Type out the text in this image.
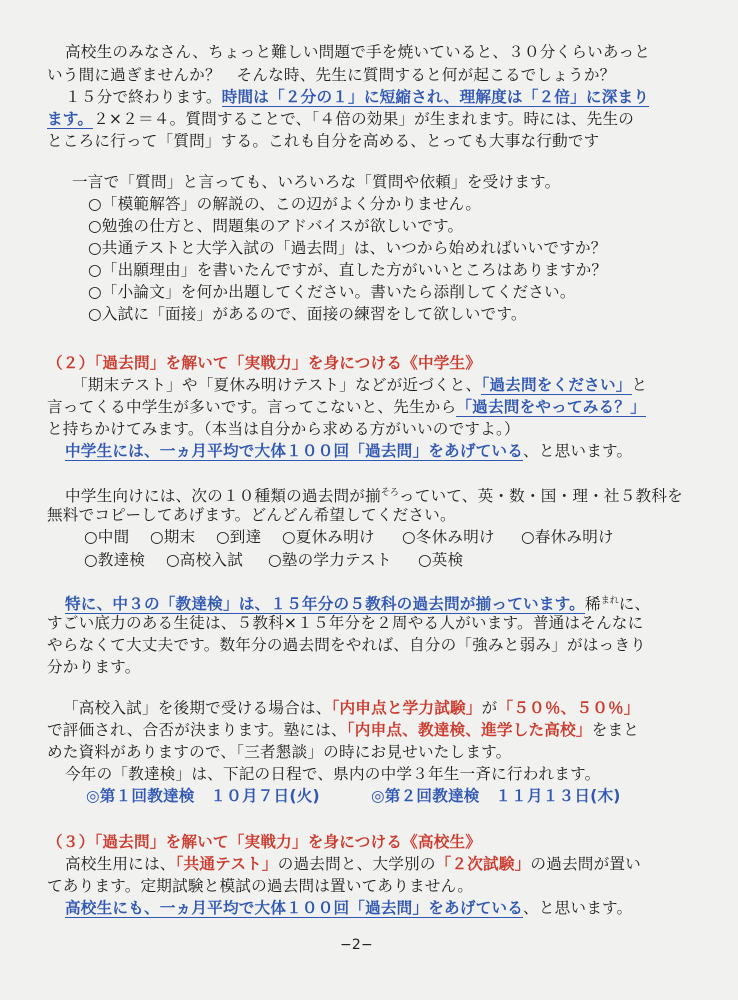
高校生のみなさん、ちょっと難しい問題で手を焼いていると、３０分くらいあっと
いう間に過ぎませんか？　そんな時、先生に質問すると何が起こるでしょうか？
１５分で終わります。時間は「２分の１」に短縮され、理解度は「２倍」に深まり
ます。２×２＝４。質問することで、「４倍の効果」が生まれます。時には、先生の
ところに行って「質問」する。これも自分を高める、とっても大事な行動です
一言で「質問」と言っても、いろいろな「質問や依頼」を受けます。
○「模範解答」の解説の、この辺がよく分かりません。
○勉強の仕方と、問題集のアドバイスが欲しいです。
○共通テストと大学入試の「過去問」は、いつから始めればいいですか？
○「出願理由」を書いたんですが、直した方がいいところはありますか？
○「小論文」を何か出題してください。書いたら添削してください。
○入試に「面接」があるので、面接の練習をして欲しいです。
（２）「過去問」を解いて「実戦力」を身につける《中学生》
「期末テスト」や「夏休み明けテスト」などが近づくと、「過去問をください」と
言ってくる中学生が多いです。言ってこないと、先生から「過去問をやってみる？」
と持ちかけてみます。（本当は自分から求める方がいいのですよ。）
中学生には、一ヵ月平均で大体１００回「過去問」をあげている、と思います。
中学生向けには、次の１０種類の過去問が揃$^{そろ}$っていて、英・数・国・理・社５教科を
無料でコピーしてあげます。どんどん希望してください。
○中間 ○期末 ○到達 ○夏休み明け ○冬休み明け ○春休み明け
○教達検 ○高校入試 ○塾の学力テスト ○英検
特に、中３の「教達検」は、１５年分の５教科の過去問が揃っています。稀$^{まれ}$に、
すごい底力のある生徒は、５教科×１５年分を２周やる人がいます。普通はそんなに
やらなくて大丈夫です。数年分の過去問をやれば、自分の「強みと弱み」がはっきり
分かります。
「高校入試」を後期で受ける場合は、「内申点と学力試験」が「５０％、５０％」
で評価され、合否が決まります。塾には、「内申点、教達検、進学した高校」をまと
めた資料がありますので、「三者懇談」の時にお見せいたします。
今年の「教達検」は、下記の日程で、県内の中学３年生一斉に行われます。
◎第１回教達検　１０月７日(火)	◎第２回教達検　１１月１３日(木)
（３）「過去問」を解いて「実戦力」を身につける《高校生》
高校生用には、「共通テスト」の過去問と、大学別の「２次試験」の過去問が置い
てあります。定期試験と模試の過去問は置いてありません。
高校生にも、一ヵ月平均で大体１００回「過去問」をあげている、と思います。
−2−
